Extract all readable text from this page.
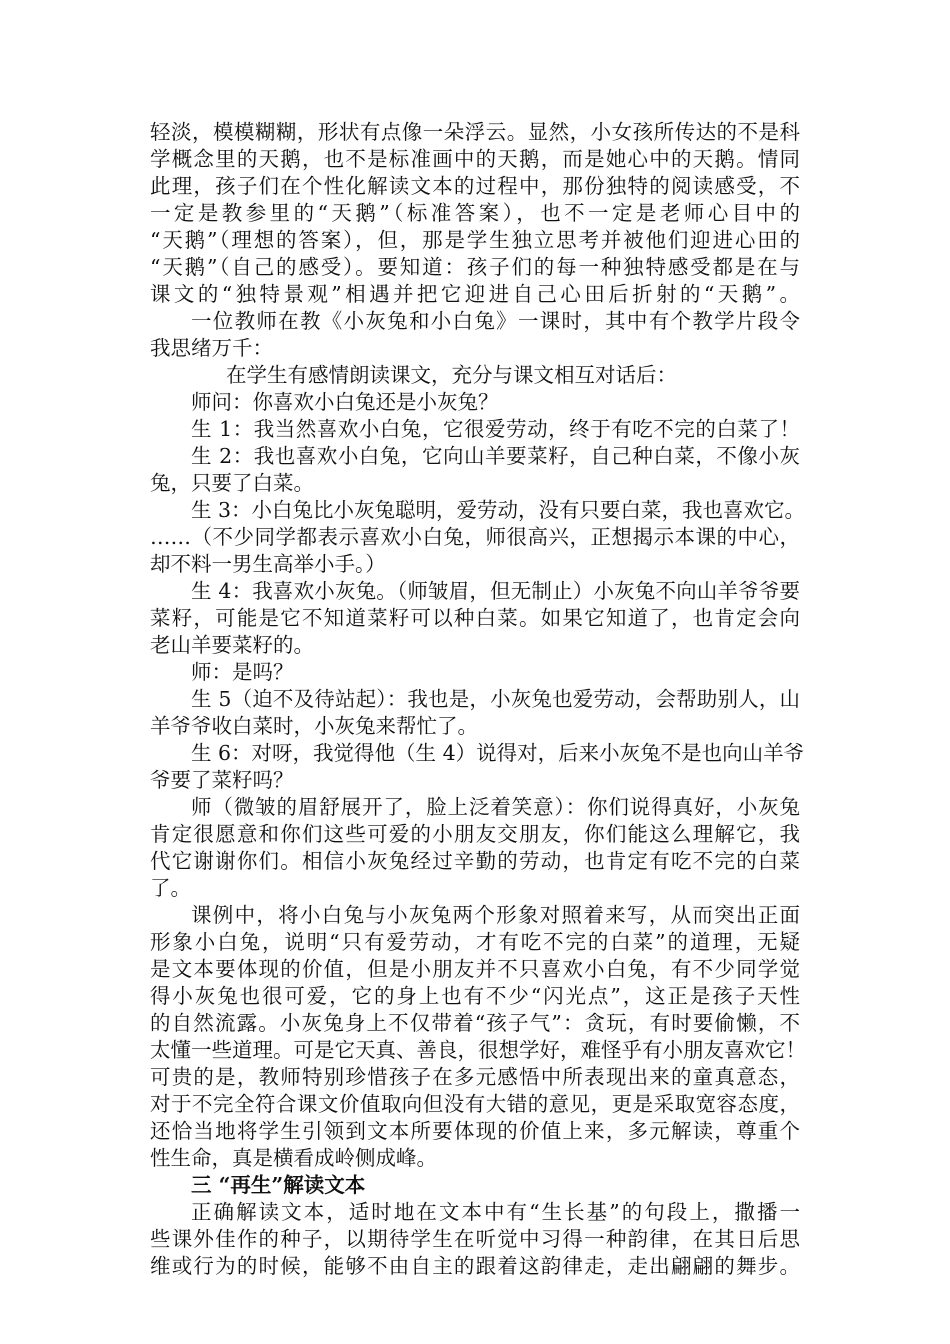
轻淡，模模糊糊，形状有点像一朵浮云。显然，小女孩所传达的不是科
学概念里的天鹅，也不是标准画中的天鹅，而是她心中的天鹅。情同
此理，孩子们在个性化解读文本的过程中，那份独特的阅读感受，不
一定是教参里的“天鹅”（标准答案），也不一定是老师心目中的
“天鹅”（理想的答案），但，那是学生独立思考并被他们迎进心田的
“天鹅”（自己的感受）。要知道：孩子们的每一种独特感受都是在与
课文的“独特景观”相遇并把它迎进自己心田后折射的“天鹅”。
一位教师在教《小灰兔和小白兔》一课时，其中有个教学片段令
我思绪万千：
在学生有感情朗读课文，充分与课文相互对话后：
师问：你喜欢小白兔还是小灰兔？
生 1：我当然喜欢小白兔，它很爱劳动，终于有吃不完的白菜了！
生 2：我也喜欢小白兔，它向山羊要菜籽，自己种白菜，不像小灰
兔，只要了白菜。
生 3：小白兔比小灰兔聪明，爱劳动，没有只要白菜，我也喜欢它。
……（不少同学都表示喜欢小白兔，师很高兴，正想揭示本课的中心，
却不料一男生高举小手。）
生 4：我喜欢小灰兔。（师皱眉，但无制止）小灰兔不向山羊爷爷要
菜籽，可能是它不知道菜籽可以种白菜。如果它知道了，也肯定会向
老山羊要菜籽的。
师：是吗？
生 5（迫不及待站起）：我也是，小灰兔也爱劳动，会帮助别人，山
羊爷爷收白菜时，小灰兔来帮忙了。
生 6：对呀，我觉得他（生 4）说得对，后来小灰兔不是也向山羊爷
爷要了菜籽吗？
师（微皱的眉舒展开了，脸上泛着笑意）：你们说得真好，小灰兔
肯定很愿意和你们这些可爱的小朋友交朋友，你们能这么理解它，我
代它谢谢你们。相信小灰兔经过辛勤的劳动，也肯定有吃不完的白菜
了。
课例中，将小白兔与小灰兔两个形象对照着来写，从而突出正面
形象小白兔，说明“只有爱劳动，才有吃不完的白菜”的道理，无疑
是文本要体现的价值，但是小朋友并不只喜欢小白兔，有不少同学觉
得小灰兔也很可爱，它的身上也有不少“闪光点”，这正是孩子天性
的自然流露。小灰兔身上不仅带着“孩子气”：贪玩，有时要偷懒，不
太懂一些道理。可是它天真、善良，很想学好，难怪乎有小朋友喜欢它！
可贵的是，教师特别珍惜孩子在多元感悟中所表现出来的童真意态，
对于不完全符合课文价值取向但没有大错的意见，更是采取宽容态度，
还恰当地将学生引领到文本所要体现的价值上来，多元解读，尊重个
性生命，真是横看成岭侧成峰。
三 “再生”解读文本
正确解读文本，适时地在文本中有“生长基”的句段上，撒播一
些课外佳作的种子，以期待学生在听觉中习得一种韵律，在其日后思
维或行为的时候，能够不由自主的跟着这韵律走，走出翩翩的舞步。
